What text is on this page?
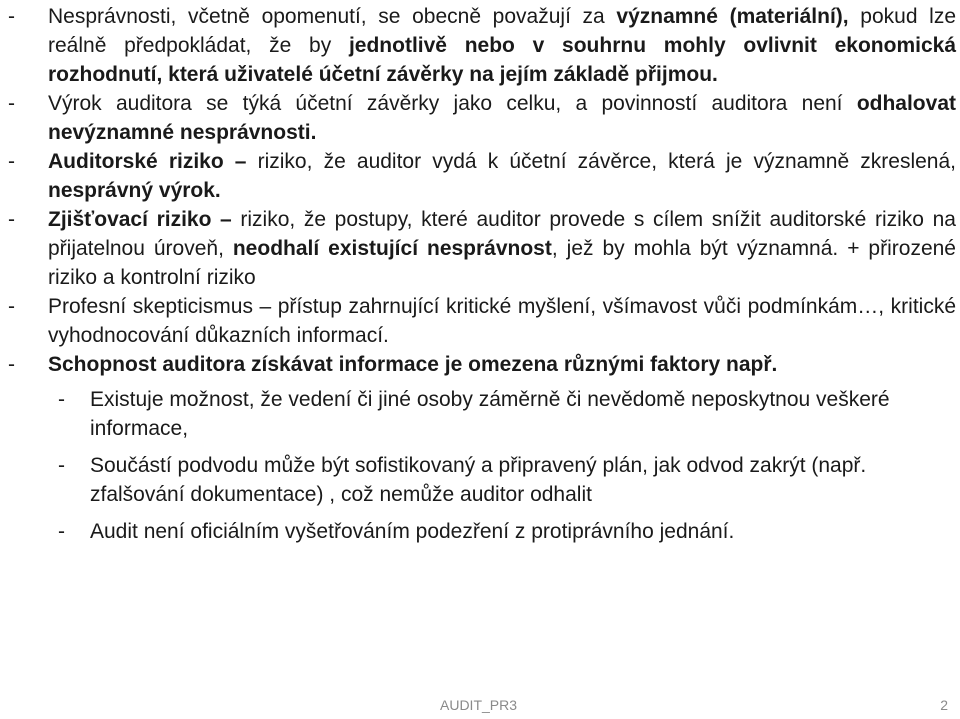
-	Nesprávnosti, včetně opomenutí, se obecně považují za významné (materiální), pokud lze reálně předpokládat, že by jednotlivě nebo v souhrnu mohly ovlivnit ekonomická rozhodnutí, která uživatelé účetní závěrky na jejím základě přijmou.
-	Výrok auditora se týká účetní závěrky jako celku, a povinností auditora není odhalovat nevýznamné nesprávnosti.
-	Auditorské riziko – riziko, že auditor vydá k účetní závěrce, která je významně zkreslená, nesprávný výrok.
-	Zjišťovací riziko – riziko, že postupy, které auditor provede s cílem snížit auditorské riziko na přijatelnou úroveň, neodhalí existující nesprávnost, jež by mohla být významná. + přirozené riziko a kontrolní riziko
-	Profesní skepticismus – přístup zahrnující kritické myšlení, všímavost vůči podmínkám…, kritické vyhodnocování důkazních informací.
-	Schopnost auditora získávat informace je omezena různými faktory např.
-	Existuje možnost, že vedení či jiné osoby záměrně či nevědomě neposkytnou veškeré informace,
-	Součástí podvodu může být sofistikovaný a připravený plán, jak odvod zakrýt (např. zfalšování dokumentace) , což nemůže auditor odhalit
-	Audit není oficiálním vyšetřováním podezření z protiprávního jednání.
AUDIT_PR3	2
